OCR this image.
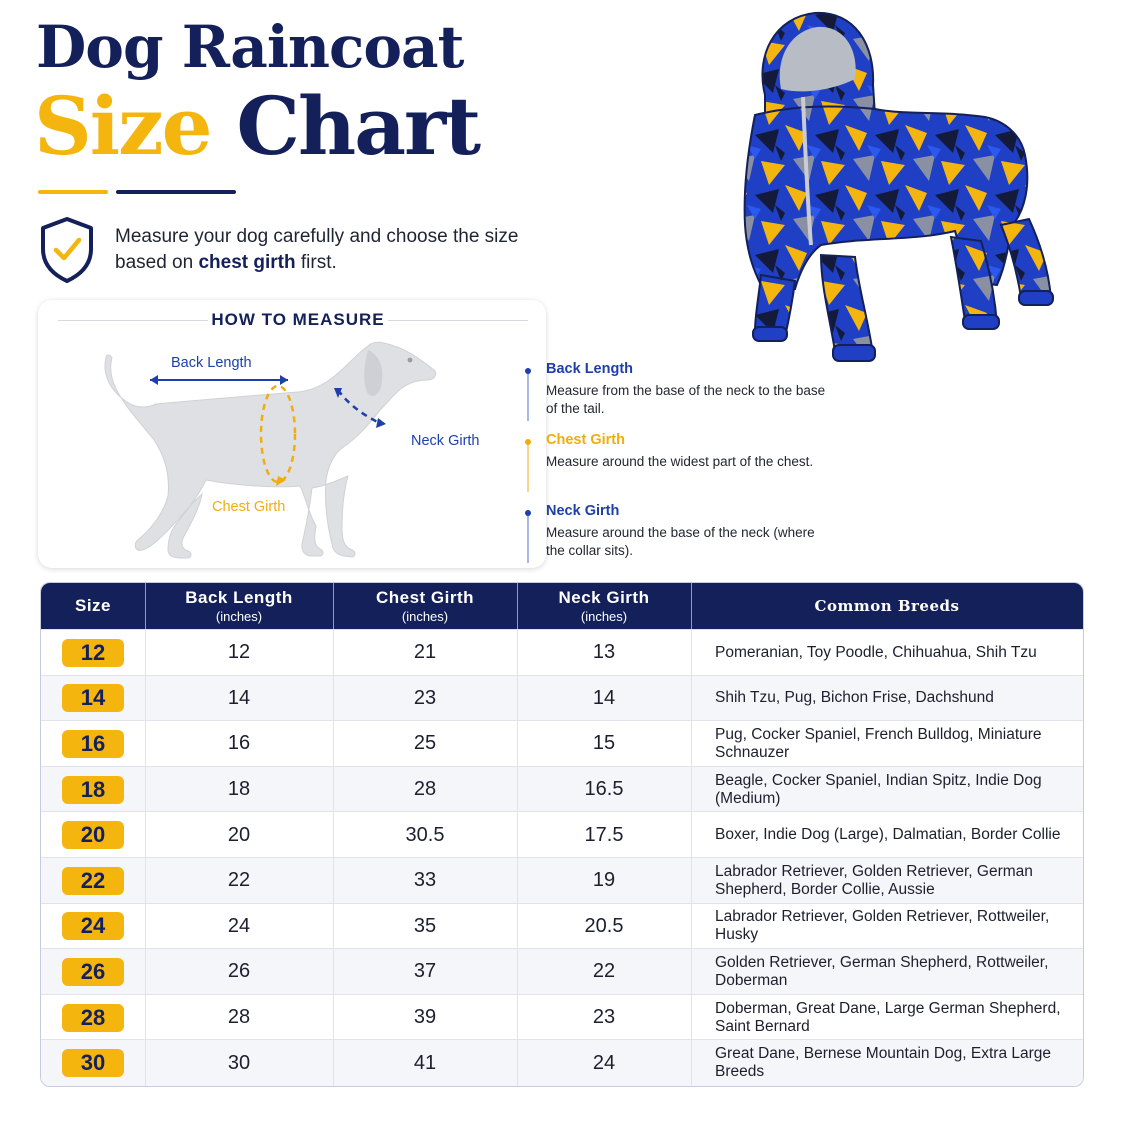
Dog Raincoat
Size Chart
Measure your dog carefully and choose the size based on chest girth first.
HOW TO MEASURE
Back Length
Chest Girth
Neck Girth
Back Length
Measure from the base of the neck to the base of the tail.
Chest Girth
Measure around the widest part of the chest.
Neck Girth
Measure around the base of the neck (where the collar sits).
Size	Back Length
(inches)
Chest Girth
(inches)
Neck Girth
(inches)
Common Breeds
12	12	21	13	Pomeranian, Toy Poodle, Chihuahua, Shih Tzu
14	14	23	14	Shih Tzu, Pug, Bichon Frise, Dachshund
16	16	25	15	Pug, Cocker Spaniel, French Bulldog, Miniature Schnauzer
18	18	28	16.5	Beagle, Cocker Spaniel, Indian Spitz, Indie Dog (Medium)
20	20	30.5	17.5	Boxer, Indie Dog (Large), Dalmatian, Border Collie
22	22	33	19	Labrador Retriever, Golden Retriever, German Shepherd, Border Collie, Aussie
24	24	35	20.5	Labrador Retriever, Golden Retriever, Rottweiler, Husky
26	26	37	22	Golden Retriever, German Shepherd, Rottweiler, Doberman
28	28	39	23	Doberman, Great Dane, Large German Shepherd, Saint Bernard
30	30	41	24	Great Dane, Bernese Mountain Dog, Extra Large Breeds
